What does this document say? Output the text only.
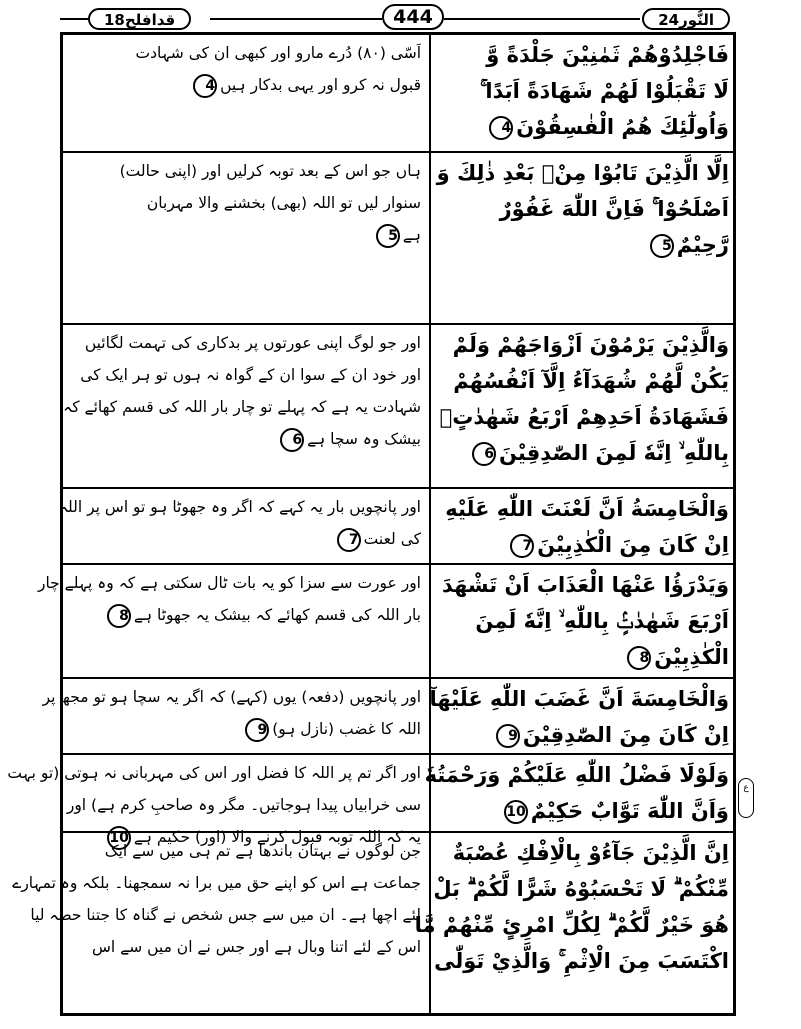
قدافلح18	444	النُّور24
فَاجْلِدُوْهُمْ ثَمٰنِيْنَ جَلْدَةً وَّ
لَا تَقْبَلُوْا لَهُمْ شَهَادَةً اَبَدًا ۚ
وَاُولٰٓئِكَ هُمُ الْفٰسِقُوْنَ4
اَسّی (۸۰) دُرے مارو اور کبھی ان کی شہادت
قبول نہ کرو اور یہی بدکار ہیں4
اِلَّا الَّذِيْنَ تَابُوْا مِنْۢ بَعْدِ ذٰلِكَ وَ
اَصْلَحُوْا ۚ فَاِنَّ اللّٰهَ غَفُوْرٌ
رَّحِيْمٌ5
ہاں جو اس کے بعد توبہ کرلیں اور (اپنی حالت)
سنوار لیں تو اللہ (بھی) بخشنے والا مہربان
ہے5
وَالَّذِيْنَ يَرْمُوْنَ اَزْوَاجَهُمْ وَلَمْ
يَكُنْ لَّهُمْ شُهَدَآءُ اِلَّآ اَنْفُسُهُمْ
فَشَهَادَةُ اَحَدِهِمْ اَرْبَعُ شَهٰدٰتٍۢ
بِاللّٰهِ ۙ اِنَّهٗ لَمِنَ الصّٰدِقِيْنَ6
اور جو لوگ اپنی عورتوں پر بدکاری کی تہمت لگائیں
اور خود ان کے سوا ان کے گواہ نہ ہوں تو ہر ایک کی
شہادت یہ ہے کہ پہلے تو چار بار اللہ کی قسم کھائے کہ
بیشک وہ سچا ہے6
وَالْخَامِسَةُ اَنَّ لَعْنَتَ اللّٰهِ عَلَيْهِ
اِنْ كَانَ مِنَ الْكٰذِبِيْنَ7
اور پانچویں بار یہ کہے کہ اگر وہ جھوٹا ہو تو اس پر اللہ
کی لعنت7
وَيَدْرَؤُا عَنْهَا الْعَذَابَ اَنْ تَشْهَدَ
اَرْبَعَ شَهٰدٰتٍۢ بِاللّٰهِ ۙ اِنَّهٗ لَمِنَ
الْكٰذِبِيْنَ8
اور عورت سے سزا کو یہ بات ٹال سکتی ہے کہ وہ پہلے چار
بار اللہ کی قسم کھائے کہ بیشک یہ جھوٹا ہے8
وَالْخَامِسَةَ اَنَّ غَضَبَ اللّٰهِ عَلَيْهَآ
اِنْ كَانَ مِنَ الصّٰدِقِيْنَ9
اور پانچویں (دفعہ) یوں (کہے) کہ اگر یہ سچا ہو تو مجھ پر
اللہ کا غضب (نازل ہو)9
وَلَوْلَا فَضْلُ اللّٰهِ عَلَيْكُمْ وَرَحْمَتُهٗ
وَاَنَّ اللّٰهَ تَوَّابٌ حَكِيْمٌ10
اور اگر تم پر اللہ کا فضل اور اس کی مہربانی نہ ہوتی (تو بہت
سی خرابیاں پیدا ہوجاتیں۔ مگر وہ صاحبِ کرم ہے) اور
یہ کہ اللہ توبہ قبول کرنے والا (اور) حکیم ہے10
اِنَّ الَّذِيْنَ جَآءُوْ بِالْاِفْكِ عُصْبَةٌ
مِّنْكُمْ ۗ لَا تَحْسَبُوْهُ شَرًّا لَّكُمْ ۗ بَلْ
هُوَ خَيْرٌ لَّكُمْ ۗ لِكُلِّ امْرِئٍ مِّنْهُمْ مَّا
اكْتَسَبَ مِنَ الْاِثْمِ ۚ وَالَّذِيْ تَوَلّٰى
جن لوگوں نے بہتان باندھا ہے تم ہی میں سے ایک
جماعت ہے اس کو اپنے حق میں برا نہ سمجھنا۔ بلکہ وہ تمہارے
لئے اچھا ہے۔ ان میں سے جس شخص نے گناہ کا جتنا حصہ لیا
اس کے لئے اتنا وبال ہے اور جس نے ان میں سے اس
ع
